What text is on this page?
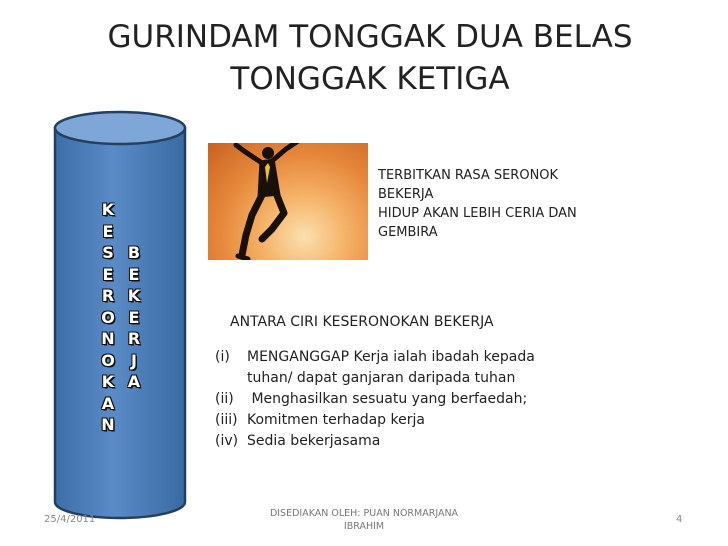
GURINDAM TONGGAK DUA BELAS
TONGGAK KETIGA
K
E
S
E
R
O
N
O
K
A
N
B
E
K
E
R
J
A
TERBITKAN RASA SERONOK
BEKERJA
HIDUP AKAN LEBIH CERIA DAN
GEMBIRA
ANTARA CIRI KESERONOKAN BEKERJA
(i)	MENGANGGAP Kerja ialah ibadah kepada
tuhan/ dapat ganjaran daripada tuhan
(ii) Menghasilkan sesuatu yang berfaedah;
(iii) Komitmen terhadap kerja
(iv) Sedia bekerjasama
25/4/2011
DISEDIAKAN OLEH: PUAN NORMARJANA
IBRAHIM
4
